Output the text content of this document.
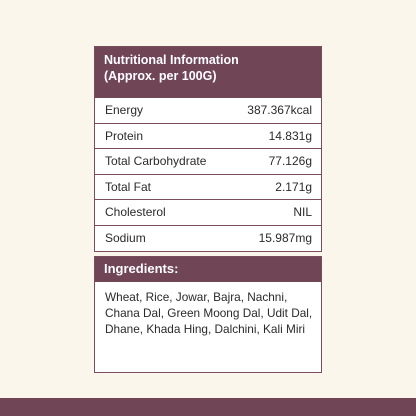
Nutritional Information
(Approx. per 100G)
Energy	387.367kcal
Protein	14.831g
Total Carbohydrate	77.126g
Total Fat	2.171g
Cholesterol	NIL
Sodium	15.987mg
Ingredients:
Wheat, Rice, Jowar, Bajra, Nachni, Chana Dal, Green Moong Dal, Udit Dal, Dhane, Khada Hing, Dalchini, Kali Miri
